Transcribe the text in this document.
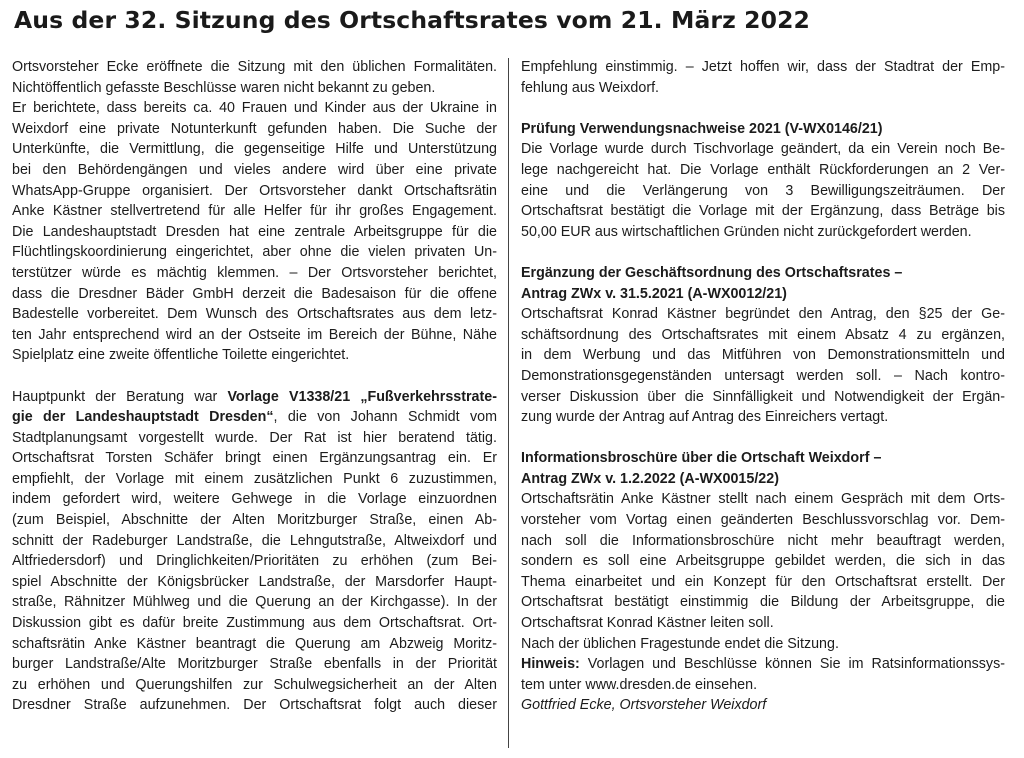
Aus der 32. Sitzung des Ortschaftsrates vom 21. März 2022
Ortsvorsteher Ecke eröffnete die Sitzung mit den üblichen Formalitäten.
Nichtöffentlich gefasste Beschlüsse waren nicht bekannt zu geben.
Er berichtete, dass bereits ca. 40 Frauen und Kinder aus der Ukraine in
Weixdorf eine private Notunterkunft gefunden haben. Die Suche der
Unterkünfte, die Vermittlung, die gegenseitige Hilfe und Unterstützung
bei den Behördengängen und vieles andere wird über eine private
WhatsApp-Gruppe organisiert. Der Ortsvorsteher dankt Ortschaftsrätin
Anke Kästner stellvertretend für alle Helfer für ihr großes Engagement.
Die Landeshauptstadt Dresden hat eine zentrale Arbeitsgruppe für die
Flüchtlingskoordinierung eingerichtet, aber ohne die vielen privaten Un-
terstützer würde es mächtig klemmen. – Der Ortsvorsteher berichtet,
dass die Dresdner Bäder GmbH derzeit die Badesaison für die offene
Badestelle vorbereitet. Dem Wunsch des Ortschaftsrates aus dem letz-
ten Jahr entsprechend wird an der Ostseite im Bereich der Bühne, Nähe
Spielplatz eine zweite öffentliche Toilette eingerichtet.
Hauptpunkt der Beratung war Vorlage V1338/21 „Fußverkehrsstrate-
gie der Landeshauptstadt Dresden“, die von Johann Schmidt vom
Stadtplanungsamt vorgestellt wurde. Der Rat ist hier beratend tätig.
Ortschaftsrat Torsten Schäfer bringt einen Ergänzungsantrag ein. Er
empfiehlt, der Vorlage mit einem zusätzlichen Punkt 6 zuzustimmen,
indem gefordert wird, weitere Gehwege in die Vorlage einzuordnen
(zum Beispiel, Abschnitte der Alten Moritzburger Straße, einen Ab-
schnitt der Radeburger Landstraße, die Lehngutstraße, Altweixdorf und
Altfriedersdorf) und Dringlichkeiten/Prioritäten zu erhöhen (zum Bei-
spiel Abschnitte der Königsbrücker Landstraße, der Marsdorfer Haupt-
straße, Rähnitzer Mühlweg und die Querung an der Kirchgasse). In der
Diskussion gibt es dafür breite Zustimmung aus dem Ortschaftsrat. Ort-
schaftsrätin Anke Kästner beantragt die Querung am Abzweig Moritz-
burger Landstraße/Alte Moritzburger Straße ebenfalls in der Priorität
zu erhöhen und Querungshilfen zur Schulwegsicherheit an der Alten
Dresdner Straße aufzunehmen. Der Ortschaftsrat folgt auch dieser
Empfehlung einstimmig. – Jetzt hoffen wir, dass der Stadtrat der Emp-
fehlung aus Weixdorf.
Prüfung Verwendungsnachweise 2021 (V-WX0146/21)
Die Vorlage wurde durch Tischvorlage geändert, da ein Verein noch Be-
lege nachgereicht hat. Die Vorlage enthält Rückforderungen an 2 Ver-
eine und die Verlängerung von 3 Bewilligungszeiträumen. Der
Ortschaftsrat bestätigt die Vorlage mit der Ergänzung, dass Beträge bis
50,00 EUR aus wirtschaftlichen Gründen nicht zurückgefordert werden.
Ergänzung der Geschäftsordnung des Ortschaftsrates –
Antrag ZWx v. 31.5.2021 (A-WX0012/21)
Ortschaftsrat Konrad Kästner begründet den Antrag, den §25 der Ge-
schäftsordnung des Ortschaftsrates mit einem Absatz 4 zu ergänzen,
in dem Werbung und das Mitführen von Demonstrationsmitteln und
Demonstrationsgegenständen untersagt werden soll. – Nach kontro-
verser Diskussion über die Sinnfälligkeit und Notwendigkeit der Ergän-
zung wurde der Antrag auf Antrag des Einreichers vertagt.
Informationsbroschüre über die Ortschaft Weixdorf –
Antrag ZWx v. 1.2.2022 (A-WX0015/22)
Ortschaftsrätin Anke Kästner stellt nach einem Gespräch mit dem Orts-
vorsteher vom Vortag einen geänderten Beschlussvorschlag vor. Dem-
nach soll die Informationsbroschüre nicht mehr beauftragt werden,
sondern es soll eine Arbeitsgruppe gebildet werden, die sich in das
Thema einarbeitet und ein Konzept für den Ortschaftsrat erstellt. Der
Ortschaftsrat bestätigt einstimmig die Bildung der Arbeitsgruppe, die
Ortschaftsrat Konrad Kästner leiten soll.
Nach der üblichen Fragestunde endet die Sitzung.
Hinweis: Vorlagen und Beschlüsse können Sie im Ratsinformationssys-
tem unter www.dresden.de einsehen.
Gottfried Ecke, Ortsvorsteher Weixdorf
